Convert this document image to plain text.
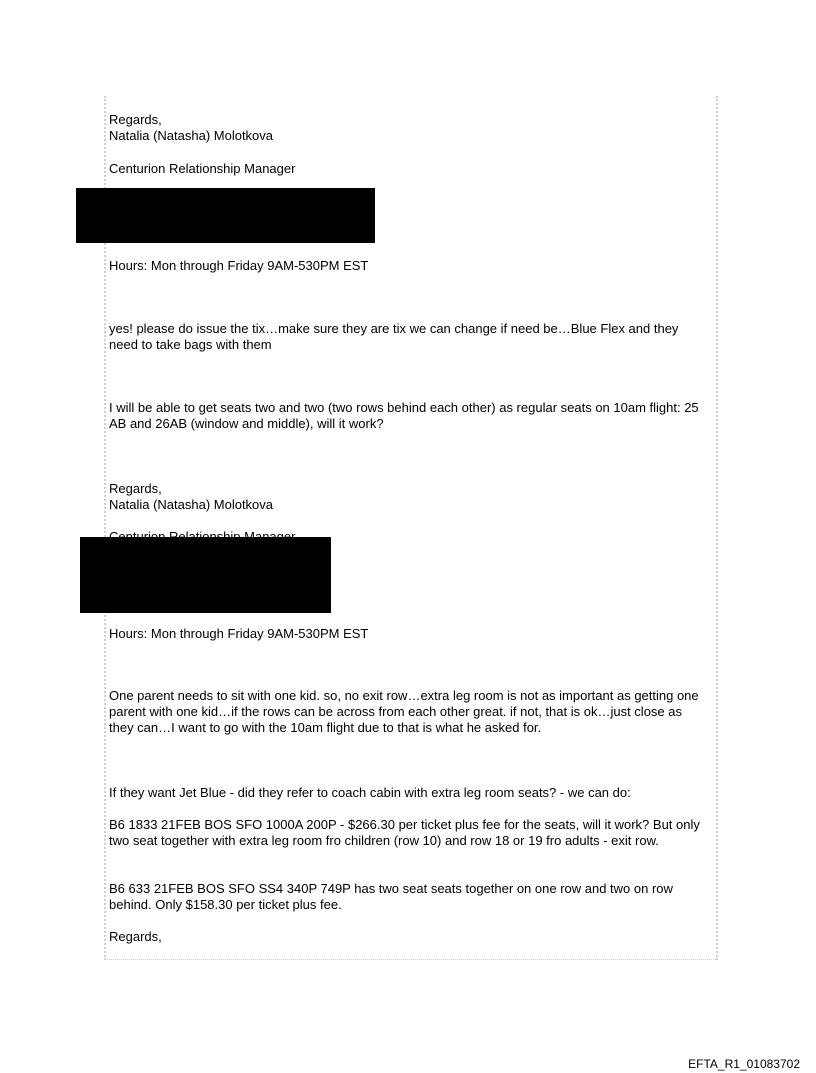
Regards,

Natalia (Natasha) Molotkova

Centurion Relationship Manager

Hours: Mon through Friday 9AM-530PM EST

yes! please do issue the tix…make sure they are tix we can change if need be…Blue Flex and they need to take bags with them

I will be able to get seats two and two (two rows behind each other) as regular seats on 10am flight: 25 AB and 26AB (window and middle), will it work?

Regards,

Natalia (Natasha) Molotkova

Hours: Mon through Friday 9AM-530PM EST

One parent needs to sit with one kid. so, no exit row…extra leg room is not as important as getting one parent with one kid…if the rows can be across from each other great. if not, that is ok…just close as they can…I want to go with the 10am flight due to that is what he asked for.

If they want Jet Blue - did they refer to coach cabin with extra leg room seats? - we can do:

B6 1833 21FEB BOS SFO 1000A 200P - $266.30 per ticket plus fee for the seats, will it work? But only two seat together with extra leg room fro children (row 10) and row 18 or 19 fro adults - exit row.

B6 633 21FEB BOS SFO SS4 340P 749P has two seat seats together on one row and two on row behind. Only $158.30 per ticket plus fee.

Regards,

EFTA_R1_01083702
